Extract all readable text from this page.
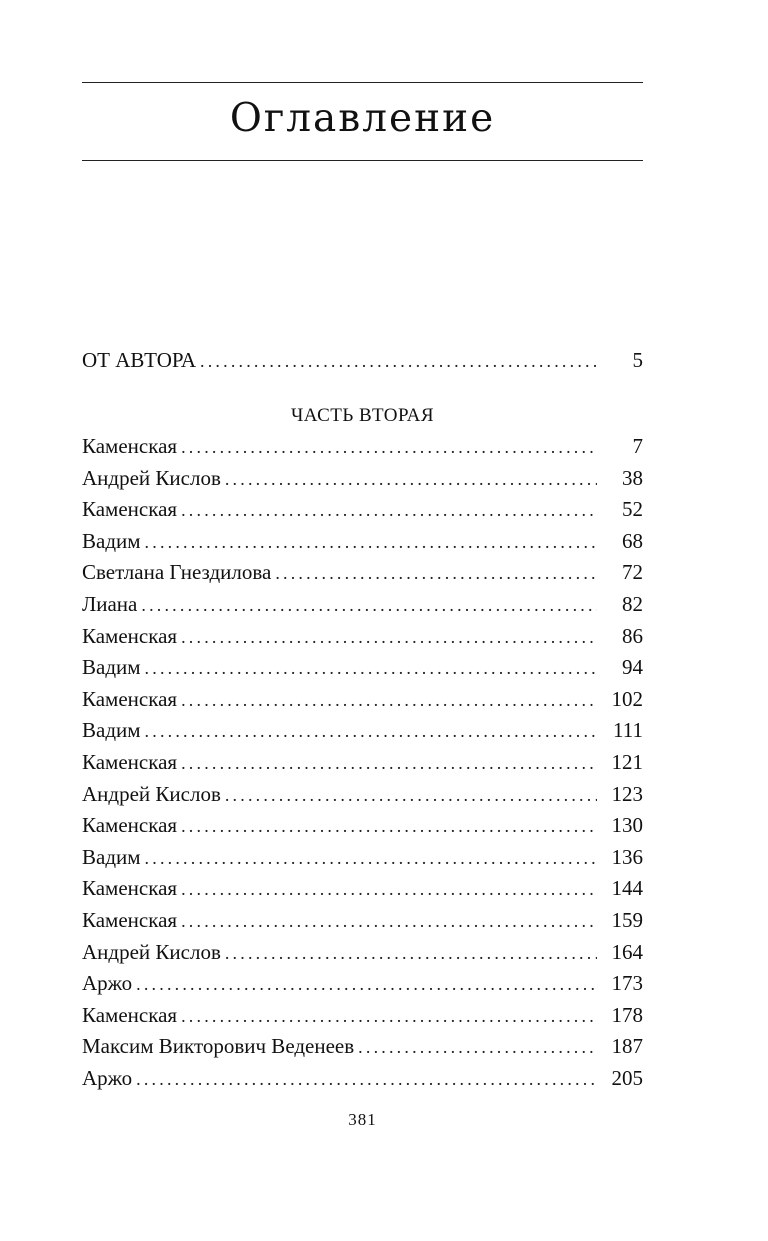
Оглавление
ОТ АВТОРА .....	5
ЧАСТЬ ВТОРАЯ
Каменская .....	7
Андрей Кислов .....	38
Каменская .....	52
Вадим .....	68
Светлана Гнездилова .....	72
Лиана .....	82
Каменская .....	86
Вадим .....	94
Каменская .....	102
Вадим .....	111
Каменская .....	121
Андрей Кислов .....	123
Каменская .....	130
Вадим .....	136
Каменская .....	144
Каменская .....	159
Андрей Кислов .....	164
Аржо .....	173
Каменская .....	178
Максим Викторович Веденеев .....	187
Аржо .....	205
381
